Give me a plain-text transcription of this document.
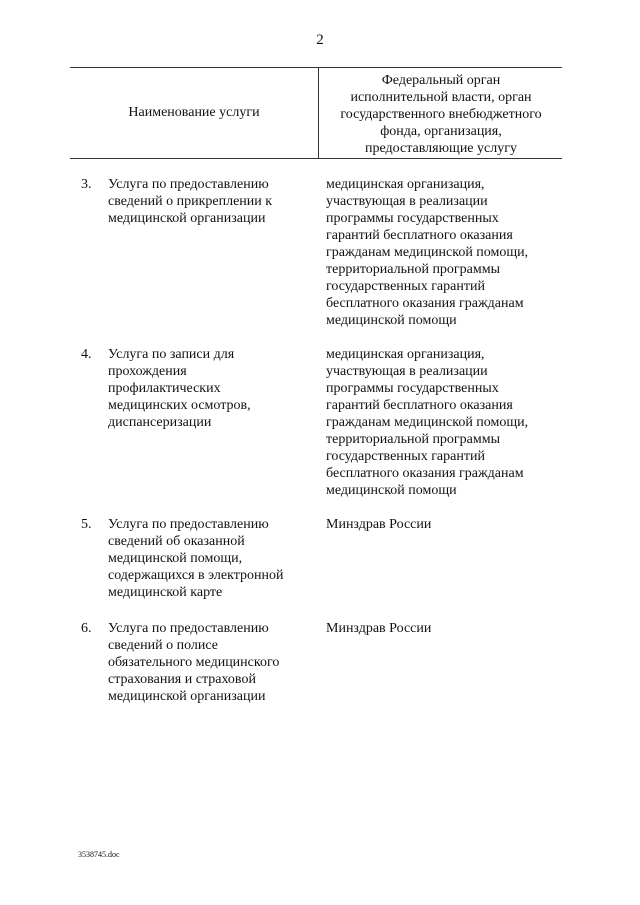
2
Наименование услуги
Федеральный орган
исполнительной власти, орган
государственного внебюджетного
фонда, организация,
предоставляющие услугу
3. Услуга по предоставлению
сведений о прикреплении к
медицинской организации
медицинская организация,
участвующая в реализации
программы государственных
гарантий бесплатного оказания
гражданам медицинской помощи,
территориальной программы
государственных гарантий
бесплатного оказания гражданам
медицинской помощи
4. Услуга по записи для
прохождения
профилактических
медицинских осмотров,
диспансеризации
медицинская организация,
участвующая в реализации
программы государственных
гарантий бесплатного оказания
гражданам медицинской помощи,
территориальной программы
государственных гарантий
бесплатного оказания гражданам
медицинской помощи
5. Услуга по предоставлению
сведений об оказанной
медицинской помощи,
содержащихся в электронной
медицинской карте
Минздрав России
6. Услуга по предоставлению
сведений о полисе
обязательного медицинского
страхования и страховой
медицинской организации
Минздрав России
3538745.doc
